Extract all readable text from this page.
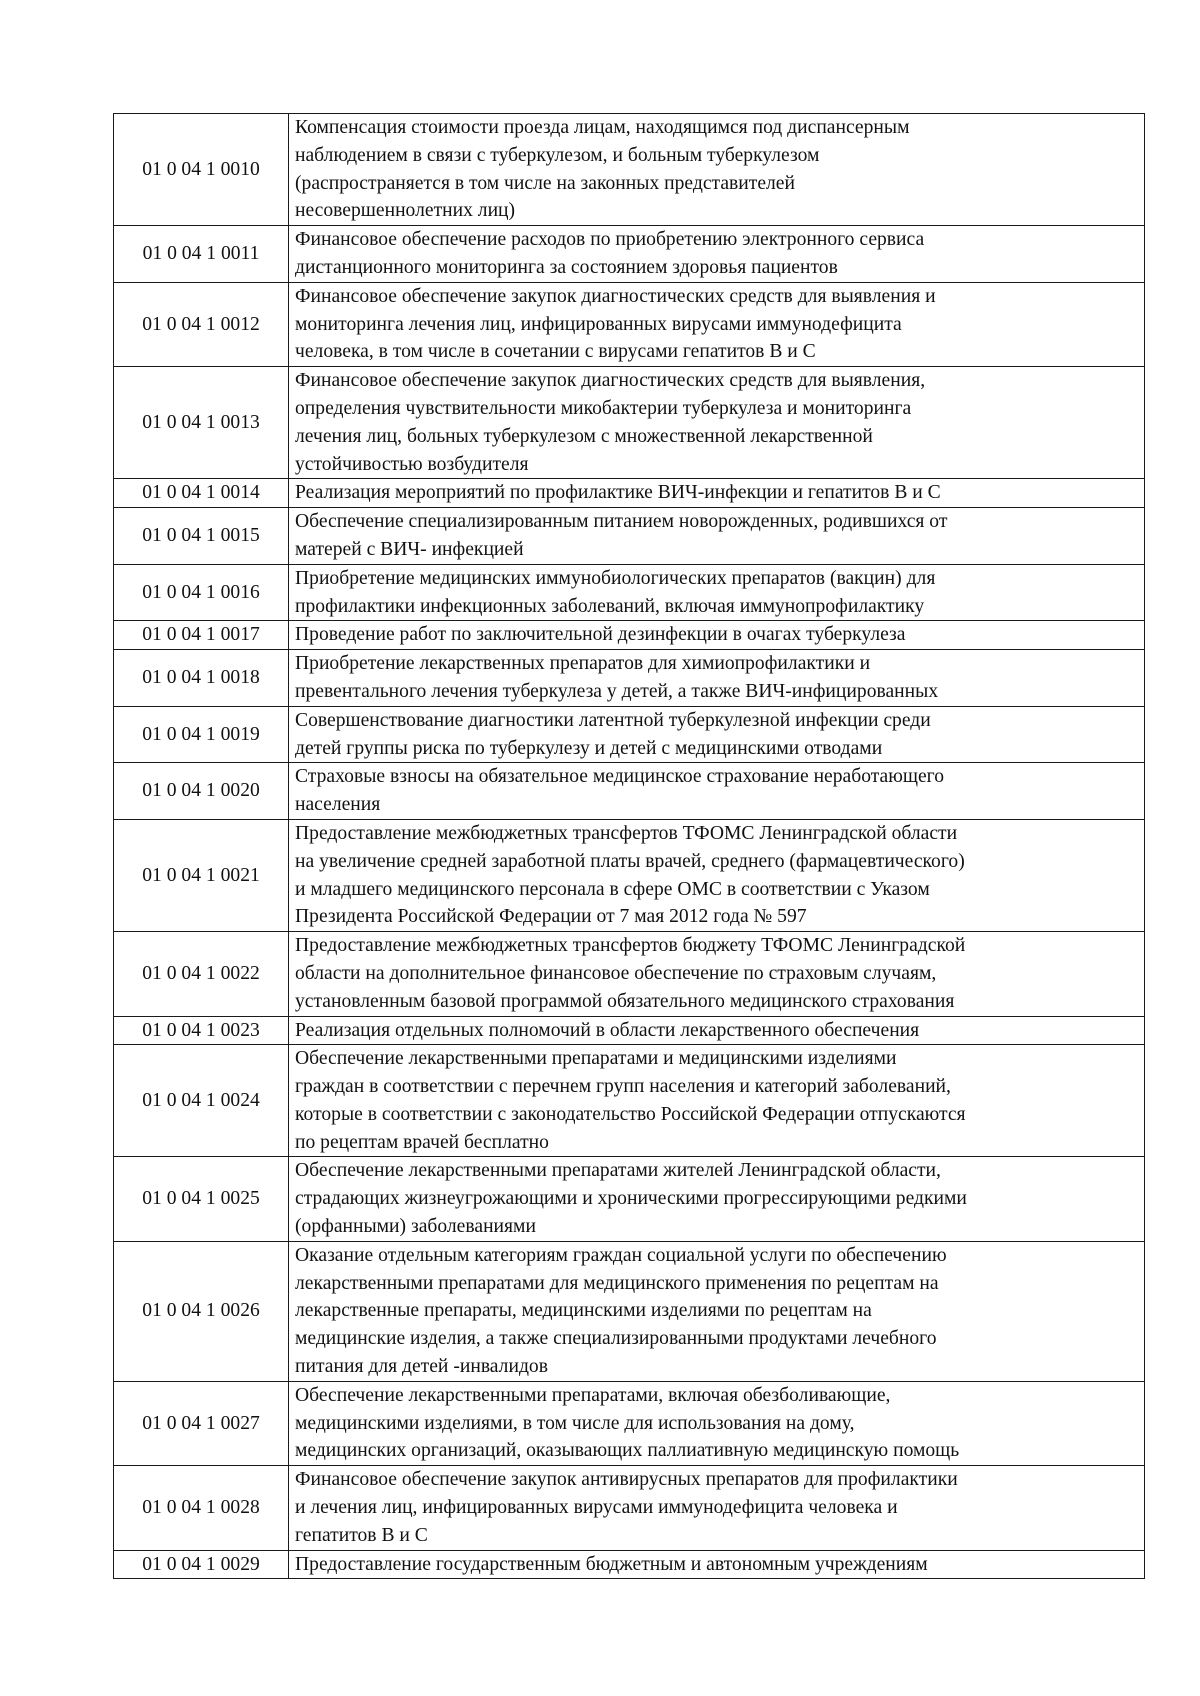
01 0 04 1 0010	Компенсация стоимости проезда лицам, находящимся под диспансерным
наблюдением в связи с туберкулезом, и больным туберкулезом
(распространяется в том числе на законных представителей
несовершеннолетних лиц)
01 0 04 1 0011	Финансовое обеспечение расходов по приобретению электронного сервиса
дистанционного мониторинга за состоянием здоровья пациентов
01 0 04 1 0012	Финансовое обеспечение закупок диагностических средств для выявления и
мониторинга лечения лиц, инфицированных вирусами иммунодефицита
человека, в том числе в сочетании с вирусами гепатитов В и С
01 0 04 1 0013	Финансовое обеспечение закупок диагностических средств для выявления,
определения чувствительности микобактерии туберкулеза и мониторинга
лечения лиц, больных туберкулезом с множественной лекарственной
устойчивостью возбудителя
01 0 04 1 0014	Реализация мероприятий по профилактике ВИЧ-инфекции и гепатитов В и С
01 0 04 1 0015	Обеспечение специализированным питанием новорожденных, родившихся от
матерей с ВИЧ- инфекцией
01 0 04 1 0016	Приобретение медицинских иммунобиологических препаратов (вакцин) для
профилактики инфекционных заболеваний, включая иммунопрофилактику
01 0 04 1 0017	Проведение работ по заключительной дезинфекции в очагах туберкулеза
01 0 04 1 0018	Приобретение лекарственных препаратов для химиопрофилактики и
превентального лечения туберкулеза у детей, а также ВИЧ-инфицированных
01 0 04 1 0019	Совершенствование диагностики латентной туберкулезной инфекции среди
детей группы риска по туберкулезу и детей с медицинскими отводами
01 0 04 1 0020	Страховые взносы на обязательное медицинское страхование неработающего
населения
01 0 04 1 0021	Предоставление межбюджетных трансфертов ТФОМС Ленинградской области
на увеличение средней заработной платы врачей, среднего (фармацевтического)
и младшего медицинского персонала в сфере ОМС в соответствии с Указом
Президента Российской Федерации от 7 мая 2012 года № 597
01 0 04 1 0022	Предоставление межбюджетных трансфертов бюджету ТФОМС Ленинградской
области на дополнительное финансовое обеспечение по страховым случаям,
установленным базовой программой обязательного медицинского страхования
01 0 04 1 0023	Реализация отдельных полномочий в области лекарственного обеспечения
01 0 04 1 0024	Обеспечение лекарственными препаратами и медицинскими изделиями
граждан в соответствии с перечнем групп населения и категорий заболеваний,
которые в соответствии с законодательство Российской Федерации отпускаются
по рецептам врачей бесплатно
01 0 04 1 0025	Обеспечение лекарственными препаратами жителей Ленинградской области,
страдающих жизнеугрожающими и хроническими прогрессирующими редкими
(орфанными) заболеваниями
01 0 04 1 0026	Оказание отдельным категориям граждан социальной услуги по обеспечению
лекарственными препаратами для медицинского применения по рецептам на
лекарственные препараты, медицинскими изделиями по рецептам на
медицинские изделия, а также специализированными продуктами лечебного
питания для детей -инвалидов
01 0 04 1 0027	Обеспечение лекарственными препаратами, включая обезболивающие,
медицинскими изделиями, в том числе для использования на дому,
медицинских организаций, оказывающих паллиативную медицинскую помощь
01 0 04 1 0028	Финансовое обеспечение закупок антивирусных препаратов для профилактики
и лечения лиц, инфицированных вирусами иммунодефицита человека и
гепатитов В и С
01 0 04 1 0029	Предоставление государственным бюджетным и автономным учреждениям
